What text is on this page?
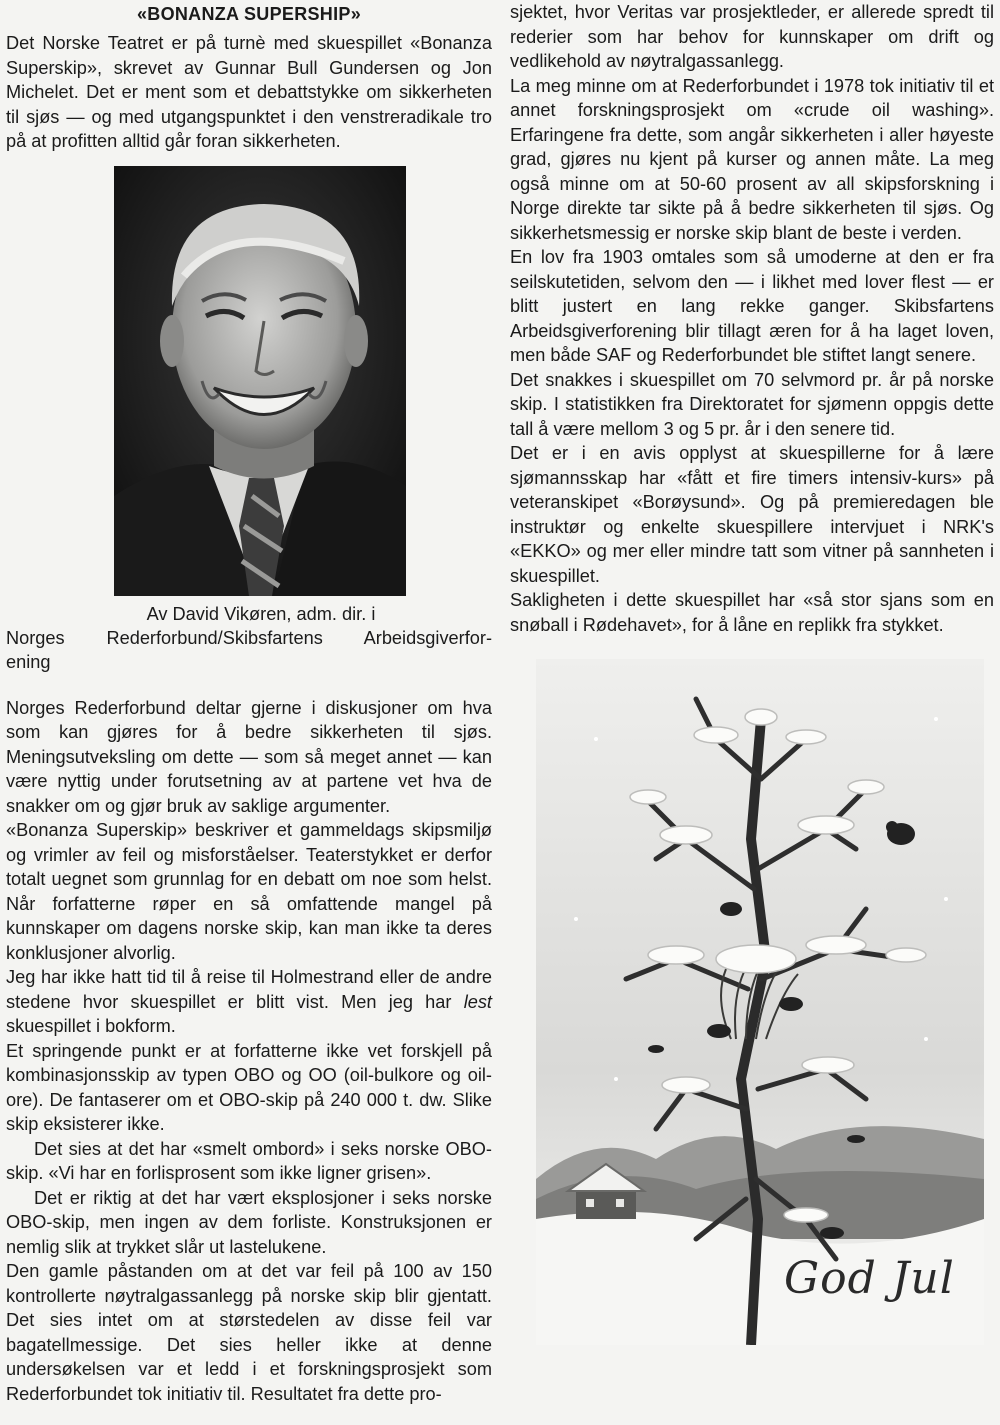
«BONANZA SUPERSHIP»

Det Norske Teatret er på turnè med skuespillet «Bonanza Superskip», skrevet av Gunnar Bull Gundersen og Jon Michelet. Det er ment som et debattstykke om sikkerheten til sjøs — og med utgangspunktet i den venstreradikale tro på at profitten alltid går foran sikkerheten.

Av David Vikøren, adm. dir. i
Norges Rederforbund/Skibsfartens Arbeidsgiverfor-
ening

Norges Rederforbund deltar gjerne i diskusjoner om hva som kan gjøres for å bedre sikkerheten til sjøs. Meningsutveksling om dette — som så meget annet — kan være nyttig under forutsetning av at partene vet hva de snakker om og gjør bruk av saklige argumenter.

«Bonanza Superskip» beskriver et gammeldags skipsmiljø og vrimler av feil og misforståelser. Teaterstykket er derfor totalt uegnet som grunnlag for en debatt om noe som helst. Når forfatterne røper en så omfattende mangel på kunnskaper om dagens norske skip, kan man ikke ta deres konklusjoner alvorlig.

Jeg har ikke hatt tid til å reise til Holmestrand eller de andre stedene hvor skuespillet er blitt vist. Men jeg har lest skuespillet i bokform.

Et springende punkt er at forfatterne ikke vet forskjell på kombinasjonsskip av typen OBO og OO (oil-bulkore og oil-ore). De fantaserer om et OBO-skip på 240 000 t. dw. Slike skip eksisterer ikke.

Det sies at det har «smelt ombord» i seks norske OBO-skip. «Vi har en forlisprosent som ikke ligner grisen».

Det er riktig at det har vært eksplosjoner i seks norske OBO-skip, men ingen av dem forliste. Konstruksjonen er nemlig slik at trykket slår ut lastelukene.

Den gamle påstanden om at det var feil på 100 av 150 kontrollerte nøytralgassanlegg på norske skip blir gjentatt. Det sies intet om at størstedelen av disse feil var bagatellmessige. Det sies heller ikke at denne undersøkelsen var et ledd i et forskningsprosjekt som Rederforbundet tok initiativ til. Resultatet fra dette pro-

sjektet, hvor Veritas var prosjektleder, er allerede spredt til rederier som har behov for kunnskaper om drift og vedlikehold av nøytralgassanlegg.

La meg minne om at Rederforbundet i 1978 tok initiativ til et annet forskningsprosjekt om «crude oil washing». Erfaringene fra dette, som angår sikkerheten i aller høyeste grad, gjøres nu kjent på kurser og annen måte. La meg også minne om at 50-60 prosent av all skipsforskning i Norge direkte tar sikte på å bedre sikkerheten til sjøs. Og sikkerhetsmessig er norske skip blant de beste i verden.

En lov fra 1903 omtales som så umoderne at den er fra seilskutetiden, selvom den — i likhet med lover flest — er blitt justert en lang rekke ganger. Skibsfartens Arbeidsgiverforening blir tillagt æren for å ha laget loven, men både SAF og Rederforbundet ble stiftet langt senere.

Det snakkes i skuespillet om 70 selvmord pr. år på norske skip. I statistikken fra Direktoratet for sjømenn oppgis dette tall å være mellom 3 og 5 pr. år i den senere tid.

Det er i en avis opplyst at skuespillerne for å lære sjømannsskap har «fått et fire timers intensiv-kurs» på veteranskipet «Borøysund». Og på premieredagen ble instruktør og enkelte skuespillere intervjuet i NRK's «EKKO» og mer eller mindre tatt som vitner på sannheten i skuespillet.

Sakligheten i dette skuespillet har «så stor sjans som en snøball i Rødehavet», for å låne en replikk fra stykket.

God Jul
